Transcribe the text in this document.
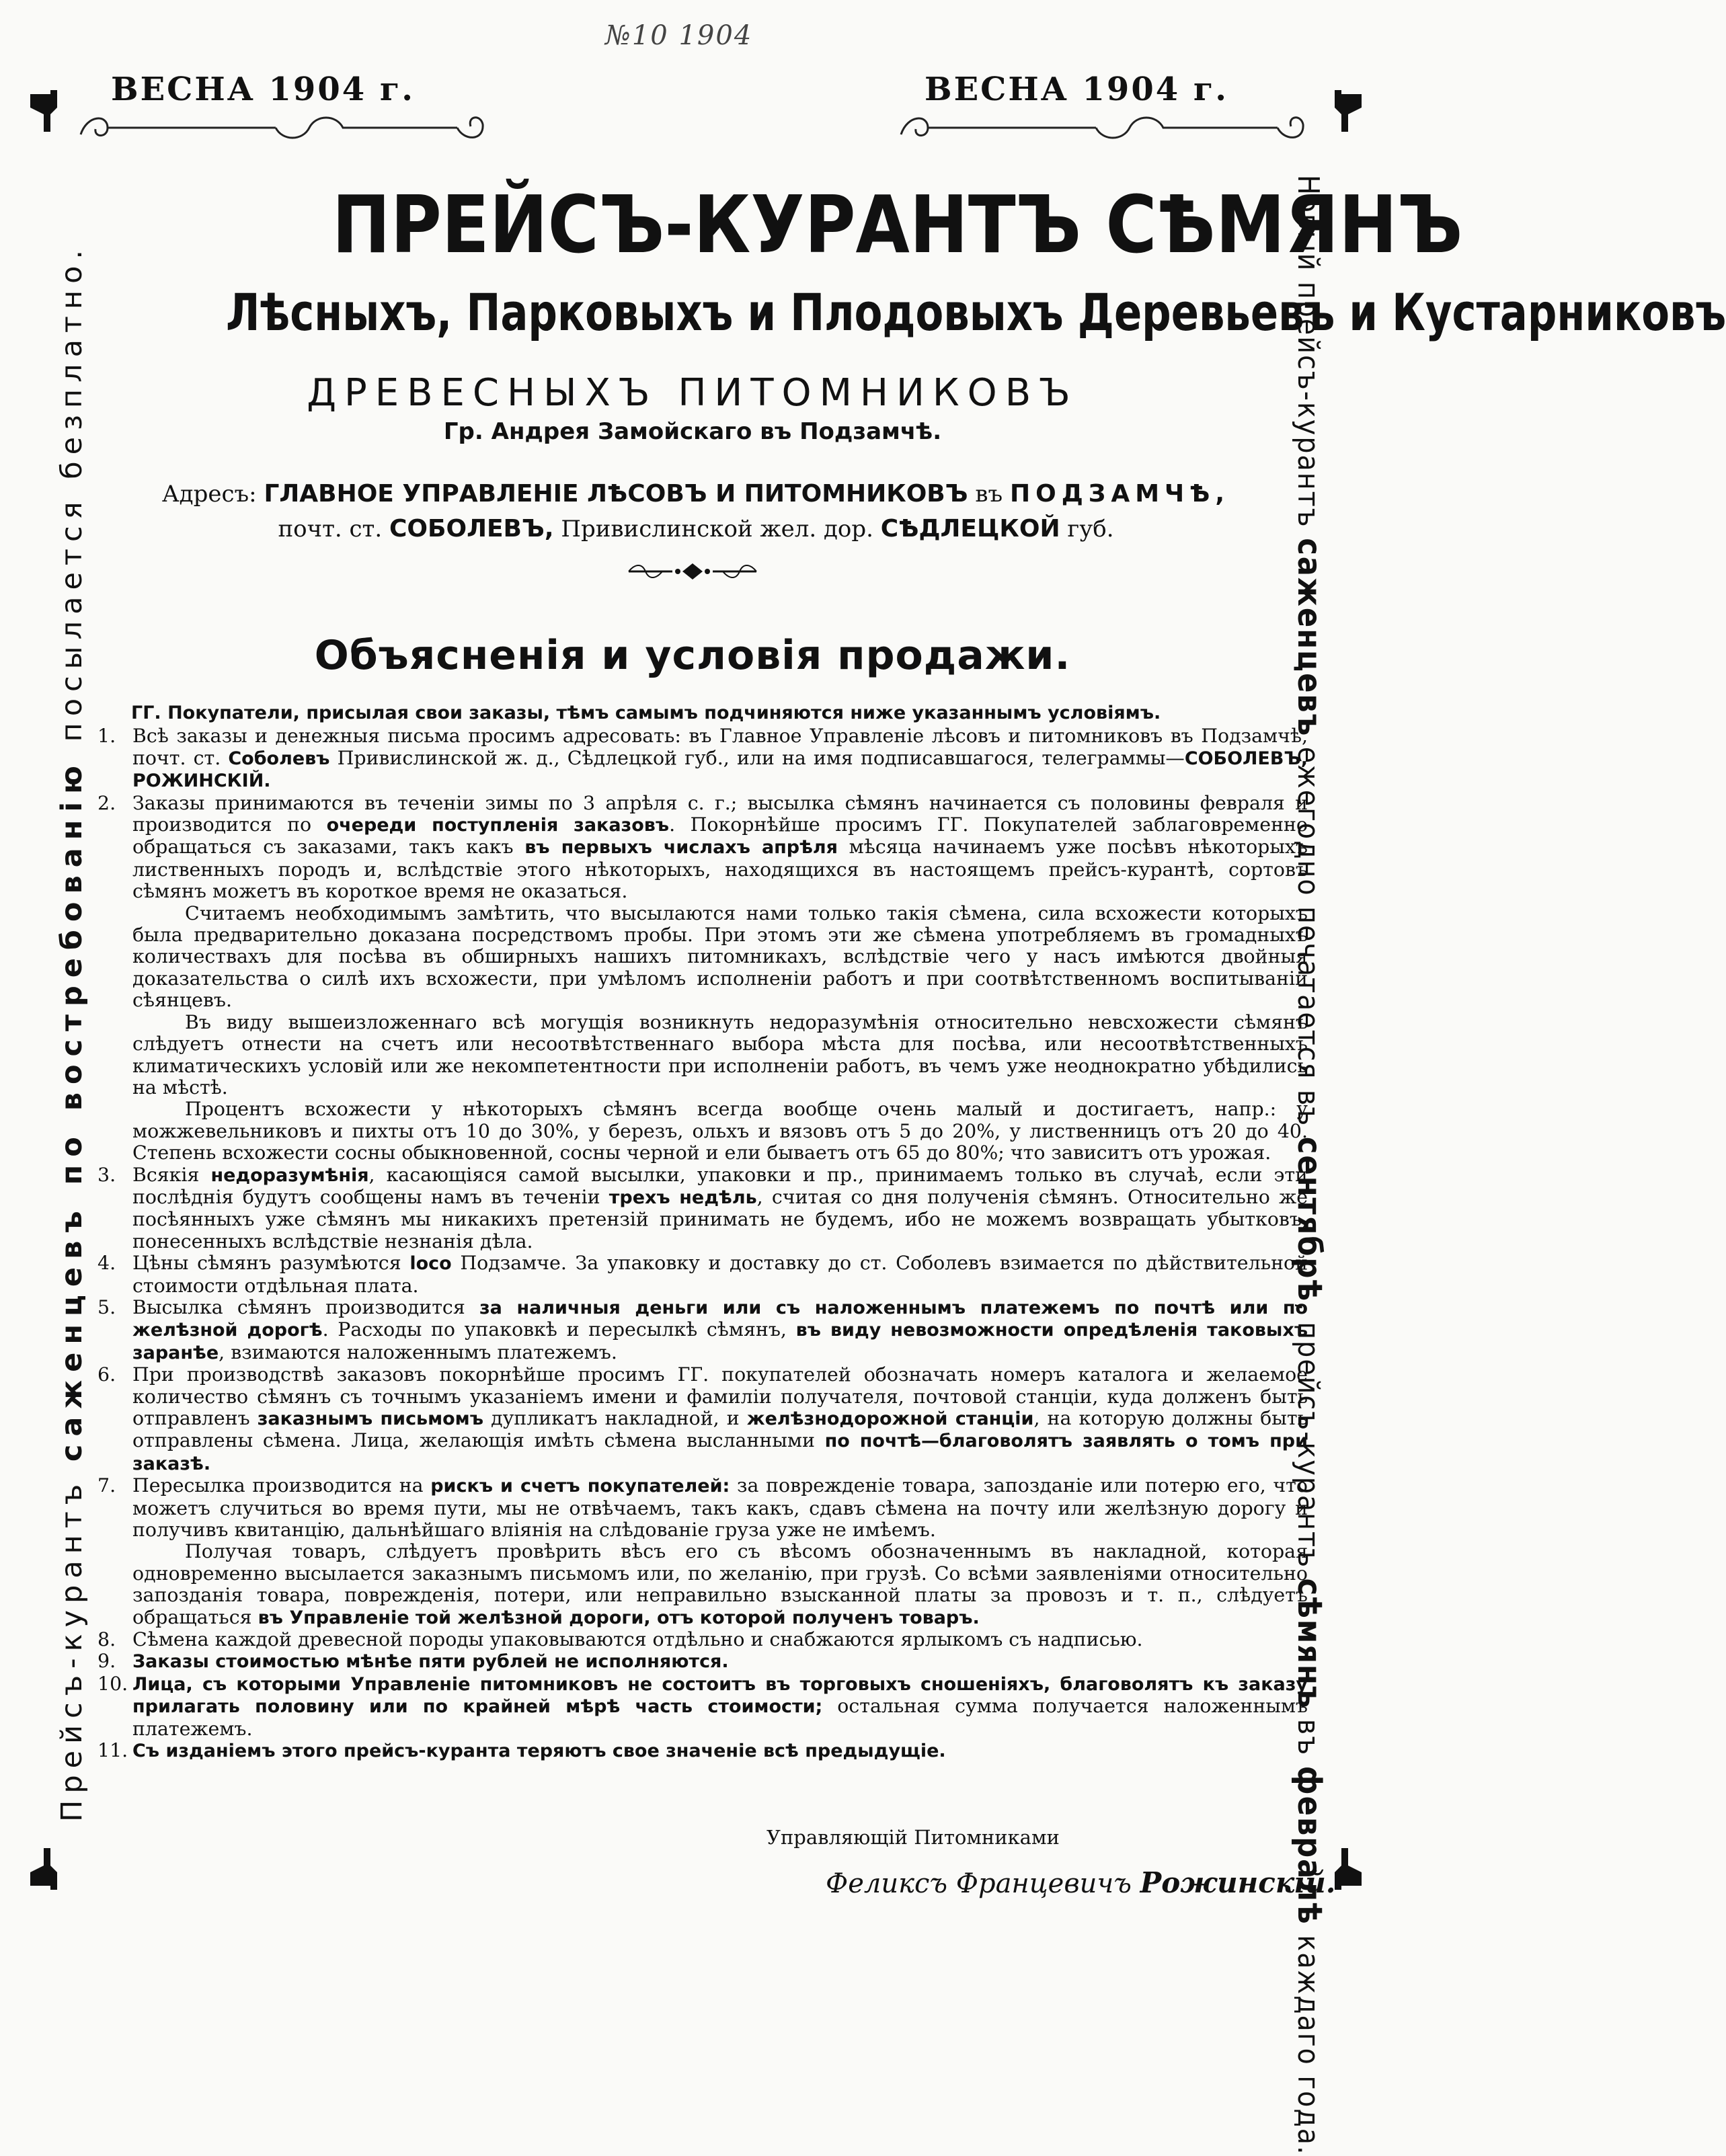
№10 1904
ВЕСНА 1904 г.	ВЕСНА 1904 г.
Прейсъ-курантъ саженцевъ по востребованію посылается безплатно.	Новый прейсъ-курантъ саженцевъ ежегодно печатается въ сентябрѣ, прейсъ-курантъ сѣмянъ въ февралѣ каждаго года.
ПРЕЙСЪ-КУРАНТЪ СѢМЯНЪ
Лѣсныхъ, Парковыхъ и Плодовыхъ Деревьевъ и Кустарниковъ
ДРЕВЕСНЫХЪ ПИТОМНИКОВЪ
Гр. Андрея Замойскаго въ Подзамчѣ.
Адресъ: ГЛАВНОЕ УПРАВЛЕНІЕ ЛѢСОВЪ И ПИТОМНИКОВЪ въ ПОДЗАМЧѢ,
почт. ст. СОБОЛЕВЪ, Привислинской жел. дор. СѢДЛЕЦКОЙ губ.
Объясненія и условія продажи.

ГГ. Покупатели, присылая свои заказы, тѣмъ самымъ подчиняются ниже указаннымъ условіямъ.

1. Всѣ заказы и денежныя письма просимъ адресовать: въ Главное Управленіе лѣсовъ и питомниковъ въ Подзамчѣ, почт. ст. Соболевъ Привислинской ж. д., Сѣдлецкой губ., или на имя подписавшагося, телеграммы—СОБОЛЕВЪ, РОЖИНСКІЙ.
2. Заказы принимаются въ теченіи зимы по 3 апрѣля с. г.; высылка сѣмянъ начинается съ половины февраля и производится по очереди поступленія заказовъ. Покорнѣйше просимъ ГГ. Покупателей заблаговременно обращаться съ заказами, такъ какъ въ первыхъ числахъ апрѣля мѣсяца начинаемъ уже посѣвъ нѣкоторыхъ лиственныхъ породъ и, вслѣдствіе этого нѣкоторыхъ, находящихся въ настоящемъ прейсъ-курантѣ, сортовъ сѣмянъ можетъ въ короткое время не оказаться.
Считаемъ необходимымъ замѣтить, что высылаются нами только такія сѣмена, сила всхожести которыхъ была предварительно доказана посредствомъ пробы. При этомъ эти же сѣмена употребляемъ въ громадныхъ количествахъ для посѣва въ обширныхъ нашихъ питомникахъ, вслѣдствіе чего у насъ имѣются двойныя доказательства о силѣ ихъ всхожести, при умѣломъ исполненіи работъ и при соотвѣтственномъ воспитываніи сѣянцевъ.
Въ виду вышеизложеннаго всѣ могущія возникнуть недоразумѣнія относительно невсхожести сѣмянъ слѣдуетъ отнести на счетъ или несоотвѣтственнаго выбора мѣста для посѣва, или несоотвѣтственныхъ климатическихъ условій или же некомпетентности при исполненіи работъ, въ чемъ уже неоднократно убѣдились на мѣстѣ.
Процентъ всхожести у нѣкоторыхъ сѣмянъ всегда вообще очень малый и достигаетъ, напр.: у можжевельниковъ и пихты отъ 10 до 30%, у березъ, ольхъ и вязовъ отъ 5 до 20%, у лиственницъ отъ 20 до 40. Степень всхожести сосны обыкновенной, сосны черной и ели бываетъ отъ 65 до 80%; что зависитъ отъ урожая.
3. Всякія недоразумѣнія, касающіяся самой высылки, упаковки и пр., принимаемъ только въ случаѣ, если эти послѣднія будутъ сообщены намъ въ теченіи трехъ недѣль, считая со дня полученія сѣмянъ. Относительно же посѣянныхъ уже сѣмянъ мы никакихъ претензій принимать не будемъ, ибо не можемъ возвращать убытковъ, понесенныхъ вслѣдствіе незнанія дѣла.
4. Цѣны сѣмянъ разумѣются loco Подзамче. За упаковку и доставку до ст. Соболевъ взимается по дѣйствительной стоимости отдѣльная плата.
5. Высылка сѣмянъ производится за наличныя деньги или съ наложеннымъ платежемъ по почтѣ или по желѣзной дорогѣ. Расходы по упаковкѣ и пересылкѣ сѣмянъ, въ виду невозможности опредѣленія таковыхъ заранѣе, взимаются наложеннымъ платежемъ.
6. При производствѣ заказовъ покорнѣйше просимъ ГГ. покупателей обозначать номеръ каталога и желаемое количество сѣмянъ съ точнымъ указаніемъ имени и фамиліи получателя, почтовой станціи, куда долженъ быть отправленъ заказнымъ письмомъ дупликатъ накладной, и желѣзнодорожной станціи, на которую должны быть отправлены сѣмена. Лица, желающія имѣть сѣмена высланными по почтѣ—благоволятъ заявлять о томъ при заказѣ.
7. Пересылка производится на рискъ и счетъ покупателей: за поврежденіе товара, запозданіе или потерю его, что можетъ случиться во время пути, мы не отвѣчаемъ, такъ какъ, сдавъ сѣмена на почту или желѣзную дорогу и получивъ квитанцію, дальнѣйшаго вліянія на слѣдованіе груза уже не имѣемъ.
Получая товаръ, слѣдуетъ провѣрить вѣсъ его съ вѣсомъ обозначеннымъ въ накладной, которая одновременно высылается заказнымъ письмомъ или, по желанію, при грузѣ. Со всѣми заявленіями относительно запозданія товара, поврежденія, потери, или неправильно взысканной платы за провозъ и т. п., слѣдуетъ обращаться въ Управленіе той желѣзной дороги, отъ которой полученъ товаръ.
8. Сѣмена каждой древесной породы упаковываются отдѣльно и снабжаются ярлыкомъ съ надписью.
9. Заказы стоимостью мѣнѣе пяти рублей не исполняются.
10. Лица, съ которыми Управленіе питомниковъ не состоитъ въ торговыхъ сношеніяхъ, благоволятъ къ заказу прилагать половину или по крайней мѣрѣ часть стоимости; остальная сумма получается наложеннымъ платежемъ.
11. Съ изданіемъ этого прейсъ-куранта теряютъ свое значеніе всѣ предыдущіе.
Управляющій Питомниками
Феликсъ Францевичъ Рожинскій.
